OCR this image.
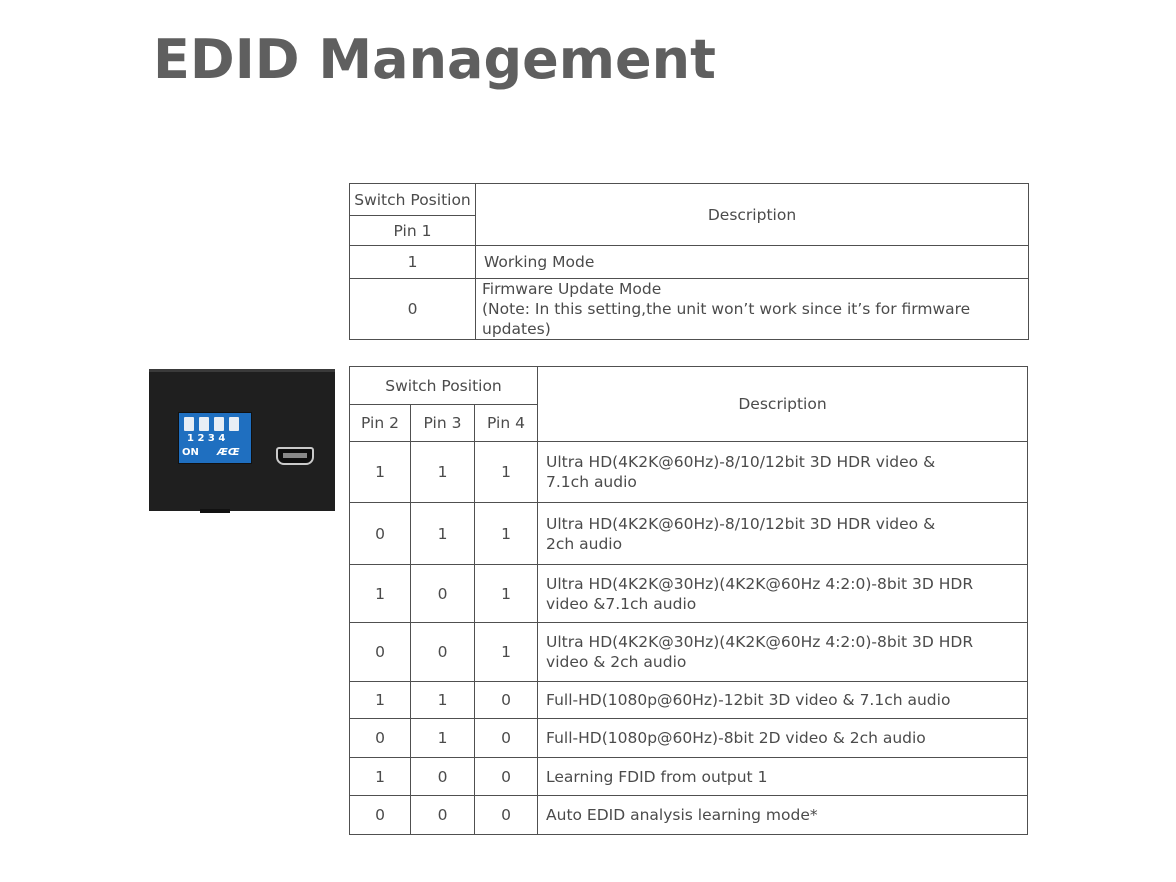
EDID Management
1 2 3 4
ON ÆŒ
Switch Position	Description
Pin 1	
1	Working Mode
0	Firmware Update Mode
(Note: In this setting,the unit won’t work since it’s for firmware updates)
Switch Position			Description
Pin 2	Pin 3	Pin 4	
1	1	1	Ultra HD(4K2K@60Hz)-8/10/12bit 3D HDR video &
7.1ch audio
0	1	1	Ultra HD(4K2K@60Hz)-8/10/12bit 3D HDR video &
2ch audio
1	0	1	Ultra HD(4K2K@30Hz)(4K2K@60Hz 4:2:0)-8bit 3D HDR
video &7.1ch audio
0	0	1	Ultra HD(4K2K@30Hz)(4K2K@60Hz 4:2:0)-8bit 3D HDR
video & 2ch audio
1	1	0	Full-HD(1080p@60Hz)-12bit 3D video & 7.1ch audio
0	1	0	Full-HD(1080p@60Hz)-8bit 2D video & 2ch audio
1	0	0	Learning FDID from output 1
0	0	0	Auto EDID analysis learning mode*
